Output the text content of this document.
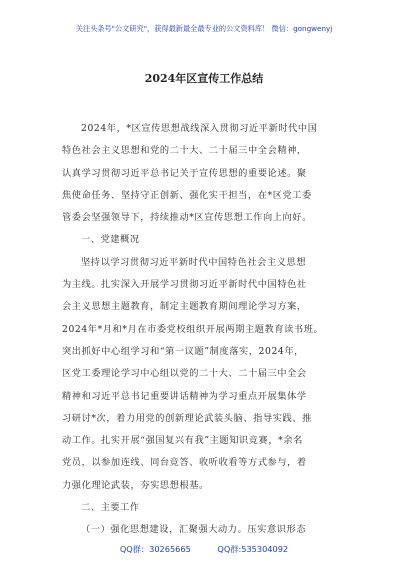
关注头条号"公文研究"，获得最新最全最专业的公文资料库！ 微信：gongwenyj
2024年区宣传工作总结
2024年，*区宣传思想战线深入贯彻习近平新时代中国
特色社会主义思想和党的二十大、二十届三中全会精神，
认真学习贯彻习近平总书记关于宣传思想的重要论述。聚
焦使命任务、坚持守正创新、强化实干担当，在*区党工委
管委会坚强领导下，持续推动*区宣传思想工作向上向好。
一、党建概况
坚持以学习贯彻习近平新时代中国特色社会主义思想
为主线。扎实深入开展学习贯彻习近平新时代中国特色社
会主义思想主题教育，制定主题教育期间理论学习方案，
2024年*月和*月在市委党校组织开展两期主题教育读书班。
突出抓好中心组学习和“第一议题”制度落实，2024年，
区党工委理论学习中心组以党的二十大、二十届三中全会
精神和习近平总书记重要讲话精神为学习重点开展集体学
习研讨*次，着力用党的创新理论武装头脑、指导实践、推
动工作。扎实开展“强国复兴有我”主题知识竞赛，*余名
党员，以参加连线、同台竞答、收听收看等方式参与，着
力强化理论武装，夯实思想根基。
二、主要工作
（一）强化思想建设，汇聚强大动力。压实意识形态
QQ群：30265665	QQ群:535304092
